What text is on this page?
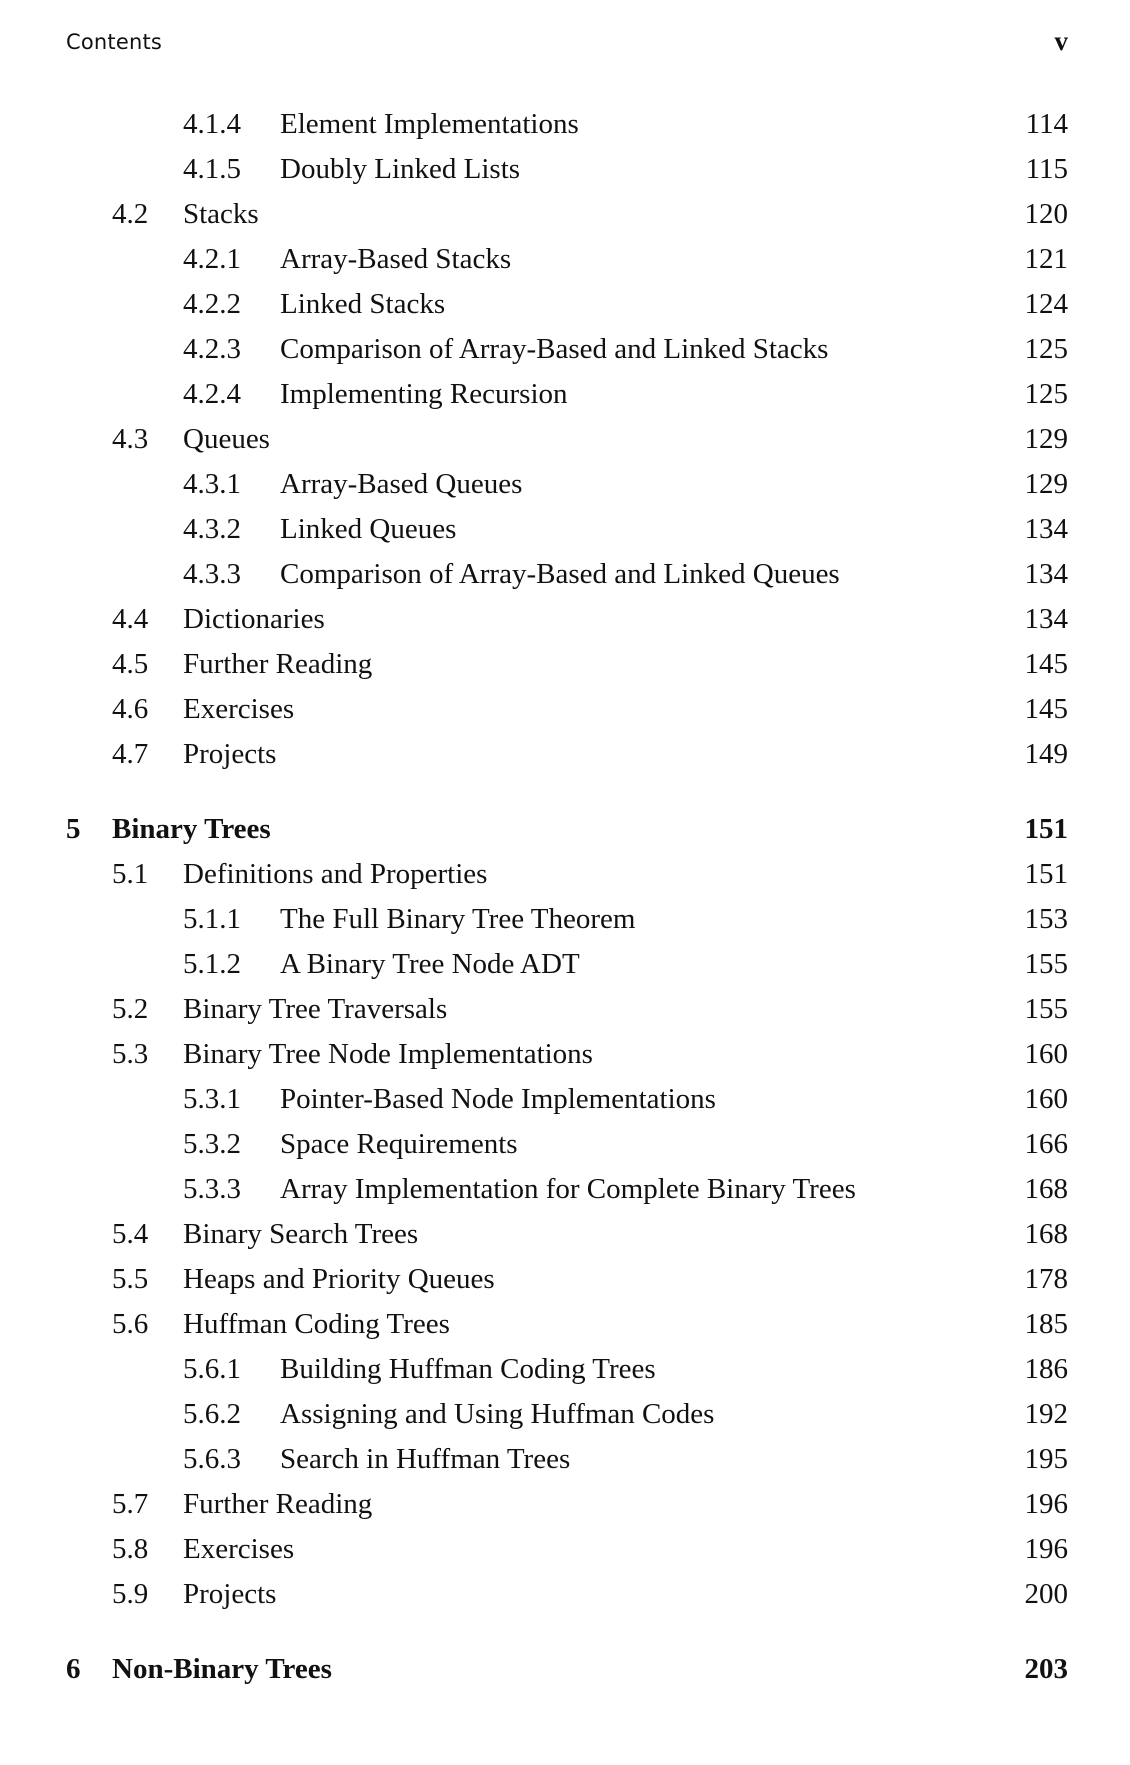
Contents	v
4.1.4 Element Implementations	114
4.1.5 Doubly Linked Lists	115
4.2 Stacks	120
4.2.1 Array-Based Stacks	121
4.2.2 Linked Stacks	124
4.2.3 Comparison of Array-Based and Linked Stacks	125
4.2.4 Implementing Recursion	125
4.3 Queues	129
4.3.1 Array-Based Queues	129
4.3.2 Linked Queues	134
4.3.3 Comparison of Array-Based and Linked Queues	134
4.4 Dictionaries	134
4.5 Further Reading	145
4.6 Exercises	145
4.7 Projects	149
5 Binary Trees	151
5.1 Definitions and Properties	151
5.1.1 The Full Binary Tree Theorem	153
5.1.2 A Binary Tree Node ADT	155
5.2 Binary Tree Traversals	155
5.3 Binary Tree Node Implementations	160
5.3.1 Pointer-Based Node Implementations	160
5.3.2 Space Requirements	166
5.3.3 Array Implementation for Complete Binary Trees	168
5.4 Binary Search Trees	168
5.5 Heaps and Priority Queues	178
5.6 Huffman Coding Trees	185
5.6.1 Building Huffman Coding Trees	186
5.6.2 Assigning and Using Huffman Codes	192
5.6.3 Search in Huffman Trees	195
5.7 Further Reading	196
5.8 Exercises	196
5.9 Projects	200
6 Non-Binary Trees	203
